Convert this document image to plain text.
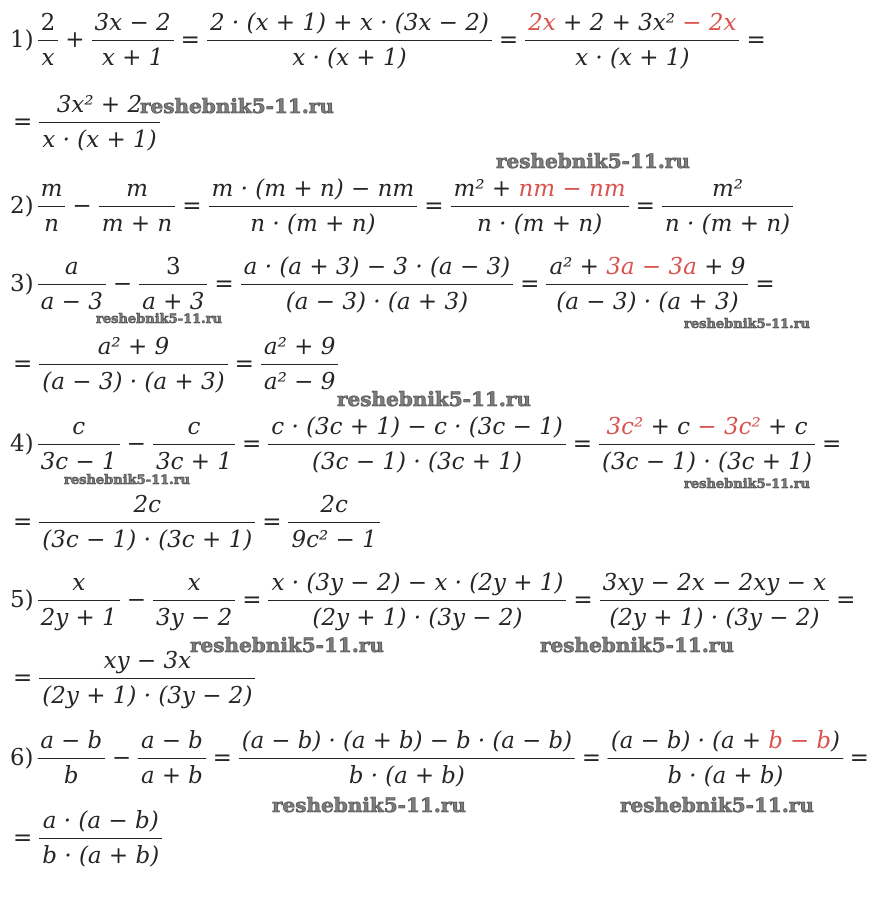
$1) \frac{2}{x} + \frac{3x - 2}{x + 1} = \frac{2 \cdot (x + 1) + x \cdot (3x - 2)}{x \cdot (x + 1)} = \frac{\text{2x + 2 + 3x² − 2x}}{x \cdot (x + 1)}$ =
= $\frac{\text{3x² + 2}}{x \cdot (x + 1)}$
$2) \frac{m}{n} - \frac{m}{m + n} = \frac{m \cdot (m + n) - nm}{n \cdot (m + n)} = \frac{\text{m² + nm − nm}}{n \cdot (m + n)} = \frac{\text{m²}}{n \cdot (m + n)}$
$3) \frac{a}{a - 3} - \frac{3}{a + 3} = \frac{a \cdot (a + 3) - 3 \cdot (a - 3)}{(a - 3) \cdot (a + 3)} = \frac{\text{a² + 3a − 3a + 9}}{(a - 3) \cdot (a + 3)}$ =
= $\frac{\text{a² + 9}}{(a - 3) \cdot (a + 3)} = \frac{\text{a² + 9}}{\text{a² − 9}}$
$4) \frac{c}{3c - 1} - \frac{c}{3c + 1} = \frac{c \cdot (3c + 1) - c \cdot (3c - 1)}{(3c - 1) \cdot (3c + 1)} = \frac{\text{3c² + c − 3c² + c}}{(3c - 1) \cdot (3c + 1)}$ =
= $\frac{2c}{(3c - 1) \cdot (3c + 1)} = \frac{2c}{\text{9c² − 1}}$
$5) \frac{x}{2y + 1} - \frac{x}{3y - 2} = \frac{x \cdot (3y - 2) - x \cdot (2y + 1)}{(2y + 1) \cdot (3y - 2)} = \frac{3xy - 2x - 2xy - x}{(2y + 1) \cdot (3y - 2)}$ =
= $\frac{xy - 3x}{(2y + 1) \cdot (3y - 2)}$
$6) \frac{a - b}{b} - \frac{a - b}{a + b} = \frac{(a - b) \cdot (a + b) - b \cdot (a - b)}{b \cdot (a + b)} = \frac{(a - b) \cdot (a + b - b)}{b \cdot (a + b)}$ =
= $\frac{a \cdot (a - b)}{b \cdot (a + b)}$
reshebnik5-11.ru
reshebnik5-11.ru
reshebnik5-11.ru	reshebnik5-11.ru
reshebnik5-11.ru
reshebnik5-11.ru	reshebnik5-11.ru
reshebnik5-11.ru	reshebnik5-11.ru
reshebnik5-11.ru	reshebnik5-11.ru
